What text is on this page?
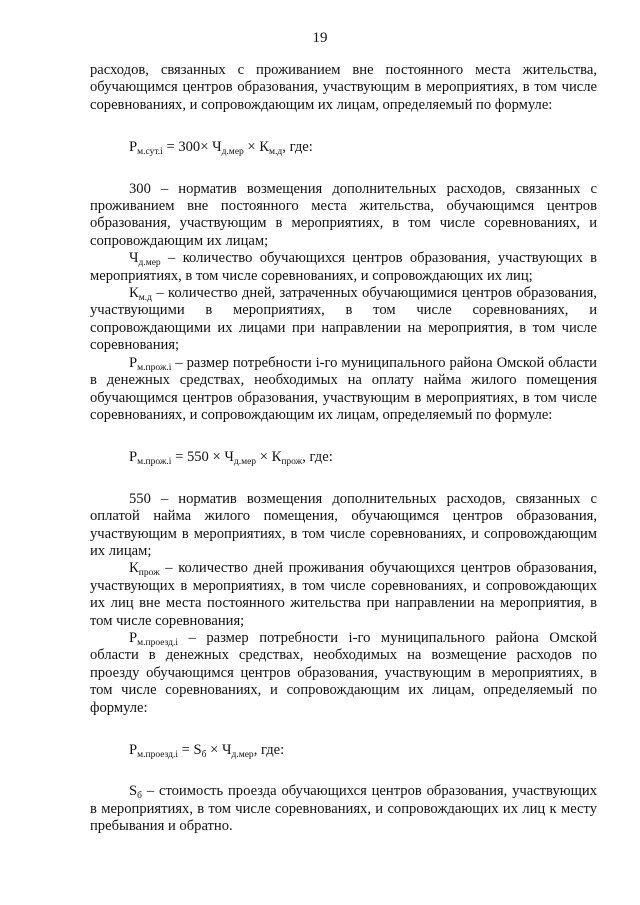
19

расходов, связанных с проживанием вне постоянного места жительства, обучающимся центров образования, участвующим в мероприятиях, в том числе соревнованиях, и сопровождающим их лицам, определяемый по формуле:

$Р_{м.сут.i} = 300\times Ч_{д.мер} \times К_{м.д}$, где:

300 – норматив возмещения дополнительных расходов, связанных с проживанием вне постоянного места жительства, обучающимся центров образования, участвующим в мероприятиях, в том числе соревнованиях, и сопровождающим их лицам;

$Ч_{д.мер}$ – количество обучающихся центров образования, участвующих в мероприятиях, в том числе соревнованиях, и сопровождающих их лиц;

$К_{м.д}$ – количество дней, затраченных обучающимися центров образования, участвующими в мероприятиях, в том числе соревнованиях, и сопровождающими их лицами при направлении на мероприятия, в том числе соревнования;

$Р_{м.прож.i}$ – размер потребности i-го муниципального района Омской области в денежных средствах, необходимых на оплату найма жилого помещения обучающимся центров образования, участвующим в мероприятиях, в том числе соревнованиях, и сопровождающим их лицам, определяемый по формуле:

$Р_{м.прож.i} = 550 \times Ч_{д.мер} \times К_{прож}$, где:

550 – норматив возмещения дополнительных расходов, связанных с оплатой найма жилого помещения, обучающимся центров образования, участвующим в мероприятиях, в том числе соревнованиях, и сопровождающим их лицам;

$К_{прож}$ – количество дней проживания обучающихся центров образования, участвующих в мероприятиях, в том числе соревнованиях, и сопровождающих их лиц вне места постоянного жительства при направлении на мероприятия, в том числе соревнования;

$Р_{м.проезд.i}$ – размер потребности i-го муниципального района Омской области в денежных средствах, необходимых на возмещение расходов по проезду обучающимся центров образования, участвующим в мероприятиях, в том числе соревнованиях, и сопровождающим их лицам, определяемый по формуле:

$Р_{м.проезд.i} = S_б \times Ч_{д.мер}$, где:

$S_б$ – стоимость проезда обучающихся центров образования, участвующих в мероприятиях, в том числе соревнованиях, и сопровождающих их лиц к месту пребывания и обратно.
